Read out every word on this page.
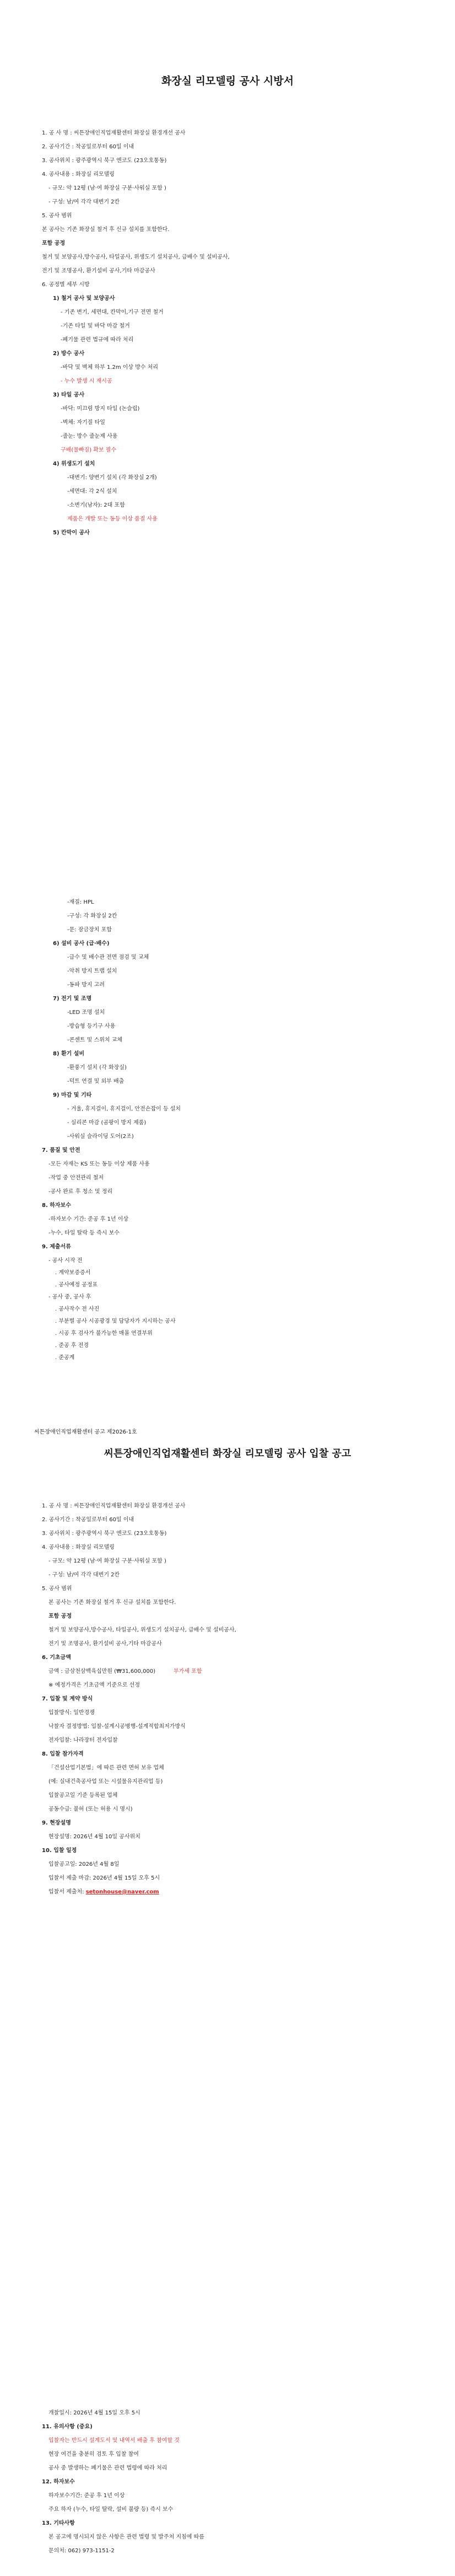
화장실 리모델링 공사 시방서
1. 공 사 명 : 씨튼장애인직업재활센터 화장실 환경개선 공사
2. 공사기간 : 착공일로부터 60일 이내
3. 공사위치 : 광주광역시 북구 엔코도 (23오호통동)
4. 공사내용 : 화장실 리모델링
- 규모: 약 12평 (남·여 화장실 구분·사워실 포함 )
- 구성: 남/여 각각 대변기 2칸
5. 공사 범위
본 공사는 기존 화장실 철거 후 신규 설치를 포함한다.
포함 공정
철거 및 보양공사,방수공사, 타일공사, 위생도기 설치공사, 급배수 및 설비공사,
전기 및 조명공사, 환기설비 공사,기타 마감공사
6. 공정별 세부 시방
1) 철거 공사 및 보양공사
- 기존 변기, 세면대, 칸막이,기구 전면 철거
-기존 타일 및 바닥 마감 철거
-폐기물 관련 법규에 따라 처리
2) 방수 공사
-바닥 및 벽체 하부 1.2m 이상 방수 처리
- 누수 발생 시 재시공
3) 타일 공사
-바닥: 미끄럼 방지 타일 (논슬립)
-벽체: 자기질 타일
-줄눈: 방수 줄눈제 사용
구배(물빠짐) 확보 필수
4) 위생도기 설치
-대변기: 양변기 설치 (각 화장실 2개)
-세면대: 각 2식 설치
-소변기(남자): 2대 포함
제품은 개발 또는 동등 이상 품질 사용
5) 칸막이 공사
-재질: HPL
-구성: 각 화장실 2칸
-문: 잠금장치 포함
6) 설비 공사 (급·배수)
-급수 및 배수관 전면 점검 및 교체
-악취 방지 트랩 설치
-동파 방지 고려
7) 전기 및 조명
-LED 조명 설치
-방습형 등기구 사용
-콘센트 및 스위치 교체
8) 환기 설비
-환풍기 설치 (각 화장실)
-덕트 연결 및 외부 배출
9) 마감 및 기타
- 거울, 휴지걸이, 휴지걸이, 안전손잡이 등 설치
- 실리콘 마감 (곰팡이 방지 제품)
-사워실 슬라이딩 도어(2조)
7. 품질 및 안전
-모든 자재는 KS 또는 동등 이상 제품 사용
-작업 중 안전관리 철저
-공사 완료 후 청소 및 정리
8. 하자보수
-하자보수 기간: 준공 후 1년 이상
-누수, 타일 탈락 등 즉시 보수
9. 제출서류
- 공사 시작 전
. 계약보증증서
. 공사예정 공정표
- 공사 중, 공사 후
. 공사작수 전 사진
. 부분별 공사 시공광경 및 담당자가 지시하는 공사
. 시공 후 검사가 불가능한 매몰 연결부위
. 준공 후 전경
. 준공계
씨튼장애인직업재활센터 공고 제2026-1호
씨튼장애인직업재활센터 화장실 리모델링 공사 입찰 공고
1. 공 사 명 : 씨튼장애인직업재활센터 화장실 환경개선 공사
2. 공사기간 : 착공일로부터 60일 이내
3. 공사위치 : 광주광역시 북구 엔코도 (23오호통동)
4. 공사내용 : 화장실 리모델링
- 규모: 약 12평 (남·여 화장실 구분·사워실 포함 )
- 구성: 남/여 각각 대변기 2칸
5. 공사 범위
본 공사는 기존 화장실 철거 후 신규 설치를 포함한다.
포함 공정
철거 및 보양공사,방수공사, 타일공사, 위생도기 설치공사, 급배수 및 설비공사,
전기 및 조명공사, 환기설비 공사,기타 마감공사
6. 기초금액
금액 : 금삼천삼백육십만원 (₩31,600,000)
※ 예정가격은 기초금액 기준으로 선정
7. 입찰 및 계약 방식
입찰방식: 일반경쟁
낙찰자 결정방법: 입찰-설계시공병행-설계적합최저가방식
전자입찰: 나라장터 전자입찰
8. 입찰 참가자격
「건설산업기본법」에 따른 관련 면허 보유 업체
(예: 실내건축공사업 또는 시설물유지관리업 등)
입찰공고일 기준 등록된 업체
공동수급: 불허 (또는 허용 시 명시)
9. 현장설명
현장설명: 2026년 4월 10일 공사위치
10. 입찰 일정
입찰공고일: 2026년 4월 8일
입찰서 제출 마감: 2026년 4월 15일 오후 5시
개찰일시: 2026년 4월 15일 오후 5시
11. 유의사항 (중요)
입찰자는 반드시 설계도서 및 내역서 배출 후 참여할 것
현장 여건을 충분히 검토 후 입찰 참여
공사 중 발생하는 폐기물은 관련 법령에 따라 처리
12. 하자보수
하자보수기간: 준공 후 1년 이상
주요 하자 (누수, 타일 탈락, 설비 불량 등) 즉시 보수
13. 기타사항
본 공고에 명시되지 않은 사항은 관련 법령 및 발주처 지침에 따름
문의처: 062) 973-1151-2
부가세 포함
입찰서 제출처: setonhouse@naver.com
